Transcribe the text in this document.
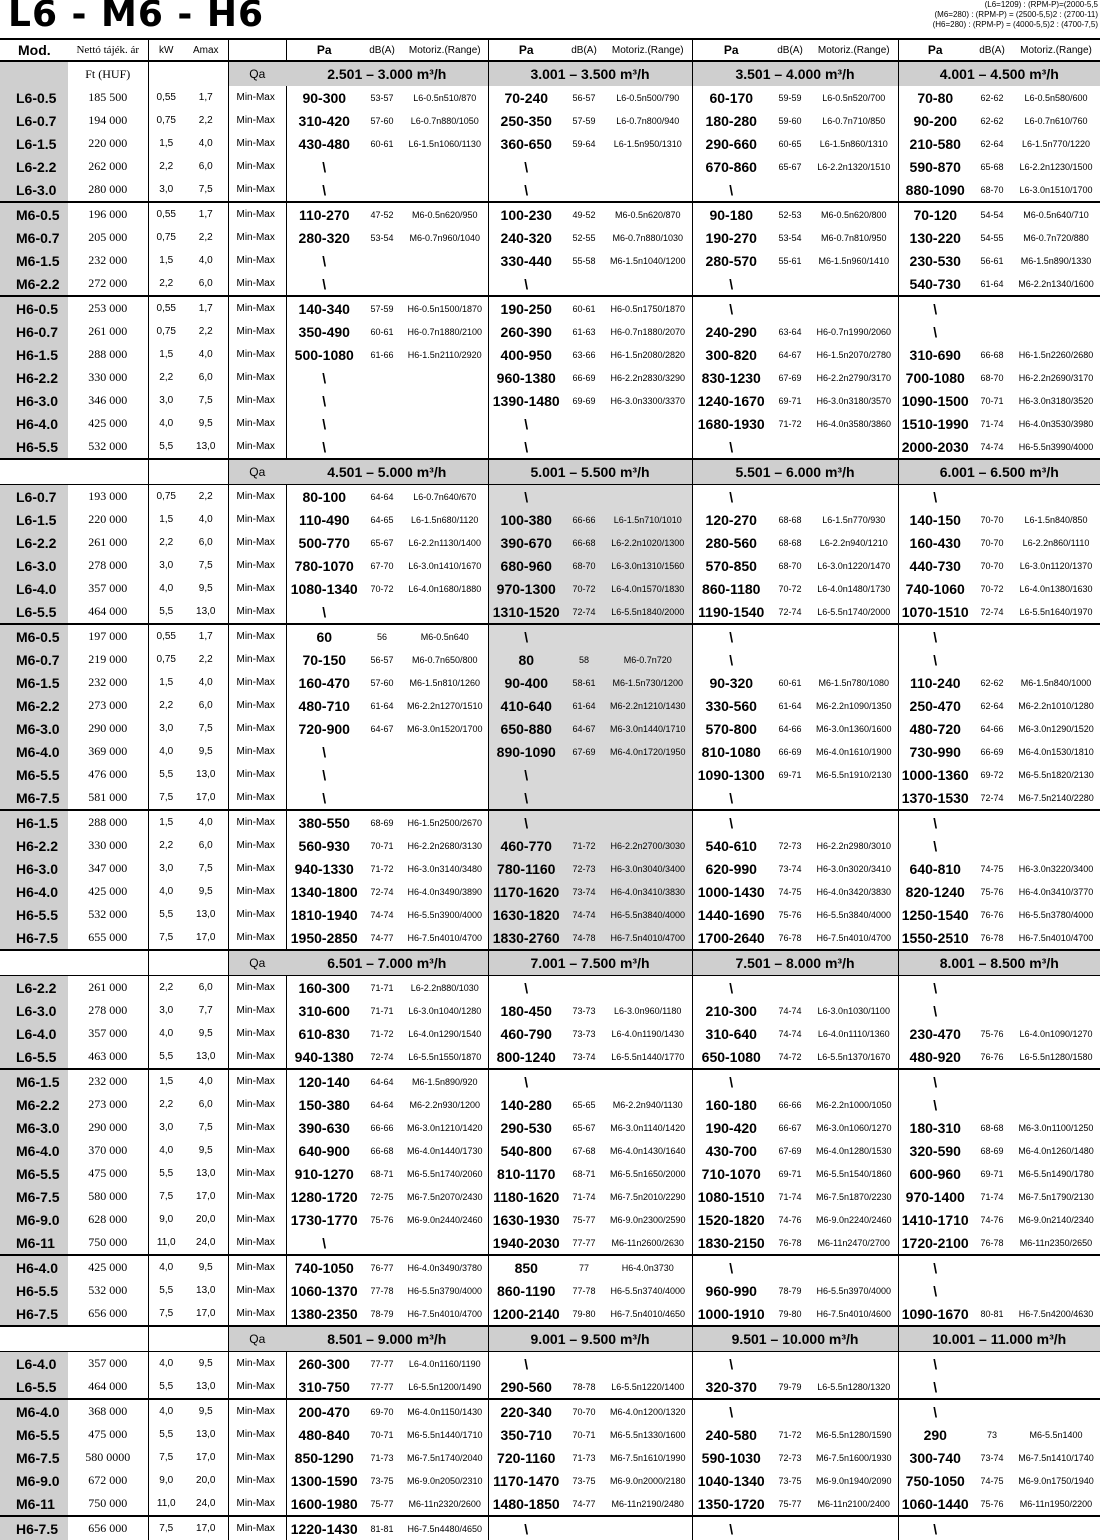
L6 - M6 - H6	(L6=1209) : (RPM-P)=(2000-5,5
(M6=280) : (RPM-P) = (2500-5,5)2 : (2700-11)
(H6=280) : (RPM-P) = (4000-5,5)2 : (4700-7,5)
Mod.	Nettó tájék. ár	kW	Amax		Pa	dB(A)	Motoriz.(Range)	Pa	dB(A)	Motoriz.(Range)	Pa	dB(A)	Motoriz.(Range)	Pa	dB(A)	Motoriz.(Range)
	Ft (HUF)			Qa	2.501 – 3.000 m³/h			3.001 – 3.500 m³/h			3.501 – 4.000 m³/h			4.001 – 4.500 m³/h		
L6-0.5	185 500	0,55	1,7	Min-Max	90-300	53-57	L6-0.5n510/870	70-240	56-57	L6-0.5n500/790	60-170	59-59	L6-0.5n520/700	70-80	62-62	L6-0.5n580/600
L6-0.7	194 000	0,75	2,2	Min-Max	310-420	57-60	L6-0.7n880/1050	250-350	57-59	L6-0.7n800/940	180-280	59-60	L6-0.7n710/850	90-200	62-62	L6-0.7n610/760
L6-1.5	220 000	1,5	4,0	Min-Max	430-480	60-61	L6-1.5n1060/1130	360-650	59-64	L6-1.5n950/1310	290-660	60-65	L6-1.5n860/1310	210-580	62-64	L6-1.5n770/1220
L6-2.2	262 000	2,2	6,0	Min-Max	\			\			670-860	65-67	L6-2.2n1320/1510	590-870	65-68	L6-2.2n1230/1500
L6-3.0	280 000	3,0	7,5	Min-Max	\			\			\			880-1090	68-70	L6-3.0n1510/1700
M6-0.5	196 000	0,55	1,7	Min-Max	110-270	47-52	M6-0.5n620/950	100-230	49-52	M6-0.5n620/870	90-180	52-53	M6-0.5n620/800	70-120	54-54	M6-0.5n640/710
M6-0.7	205 000	0,75	2,2	Min-Max	280-320	53-54	M6-0.7n960/1040	240-320	52-55	M6-0.7n880/1030	190-270	53-54	M6-0.7n810/950	130-220	54-55	M6-0.7n720/880
M6-1.5	232 000	1,5	4,0	Min-Max	\			330-440	55-58	M6-1.5n1040/1200	280-570	55-61	M6-1.5n960/1410	230-530	56-61	M6-1.5n890/1330
M6-2.2	272 000	2,2	6,0	Min-Max	\			\			\			540-730	61-64	M6-2.2n1340/1600
H6-0.5	253 000	0,55	1,7	Min-Max	140-340	57-59	H6-0.5n1500/1870	190-250	60-61	H6-0.5n1750/1870	\			\		
H6-0.7	261 000	0,75	2,2	Min-Max	350-490	60-61	H6-0.7n1880/2100	260-390	61-63	H6-0.7n1880/2070	240-290	63-64	H6-0.7n1990/2060	\		
H6-1.5	288 000	1,5	4,0	Min-Max	500-1080	61-66	H6-1.5n2110/2920	400-950	63-66	H6-1.5n2080/2820	300-820	64-67	H6-1.5n2070/2780	310-690	66-68	H6-1.5n2260/2680
H6-2.2	330 000	2,2	6,0	Min-Max	\			960-1380	66-69	H6-2.2n2830/3290	830-1230	67-69	H6-2.2n2790/3170	700-1080	68-70	H6-2.2n2690/3170
H6-3.0	346 000	3,0	7,5	Min-Max	\			1390-1480	69-69	H6-3.0n3300/3370	1240-1670	69-71	H6-3.0n3180/3570	1090-1500	70-71	H6-3.0n3180/3520
H6-4.0	425 000	4,0	9,5	Min-Max	\			\			1680-1930	71-72	H6-4.0n3580/3860	1510-1990	71-74	H6-4.0n3530/3980
H6-5.5	532 000	5,5	13,0	Min-Max	\			\			\			2000-2030	74-74	H6-5.5n3990/4000
				Qa	4.501 – 5.000 m³/h			5.001 – 5.500 m³/h			5.501 – 6.000 m³/h			6.001 – 6.500 m³/h		
L6-0.7	193 000	0,75	2,2	Min-Max	80-100	64-64	L6-0.7n640/670	\			\			\		
L6-1.5	220 000	1,5	4,0	Min-Max	110-490	64-65	L6-1.5n680/1120	100-380	66-66	L6-1.5n710/1010	120-270	68-68	L6-1.5n770/930	140-150	70-70	L6-1.5n840/850
L6-2.2	261 000	2,2	6,0	Min-Max	500-770	65-67	L6-2.2n1130/1400	390-670	66-68	L6-2.2n1020/1300	280-560	68-68	L6-2.2n940/1210	160-430	70-70	L6-2.2n860/1110
L6-3.0	278 000	3,0	7,5	Min-Max	780-1070	67-70	L6-3.0n1410/1670	680-960	68-70	L6-3.0n1310/1560	570-850	68-70	L6-3.0n1220/1470	440-730	70-70	L6-3.0n1120/1370
L6-4.0	357 000	4,0	9,5	Min-Max	1080-1340	70-72	L6-4.0n1680/1880	970-1300	70-72	L6-4.0n1570/1830	860-1180	70-72	L6-4.0n1480/1730	740-1060	70-72	L6-4.0n1380/1630
L6-5.5	464 000	5,5	13,0	Min-Max	\			1310-1520	72-74	L6-5.5n1840/2000	1190-1540	72-74	L6-5.5n1740/2000	1070-1510	72-74	L6-5.5n1640/1970
M6-0.5	197 000	0,55	1,7	Min-Max	60	56	M6-0.5n640	\			\			\		
M6-0.7	219 000	0,75	2,2	Min-Max	70-150	56-57	M6-0.7n650/800	80	58	M6-0.7n720	\			\		
M6-1.5	232 000	1,5	4,0	Min-Max	160-470	57-60	M6-1.5n810/1260	90-400	58-61	M6-1.5n730/1200	90-320	60-61	M6-1.5n780/1080	110-240	62-62	M6-1.5n840/1000
M6-2.2	273 000	2,2	6,0	Min-Max	480-710	61-64	M6-2.2n1270/1510	410-640	61-64	M6-2.2n1210/1430	330-560	61-64	M6-2.2n1090/1350	250-470	62-64	M6-2.2n1010/1280
M6-3.0	290 000	3,0	7,5	Min-Max	720-900	64-67	M6-3.0n1520/1700	650-880	64-67	M6-3.0n1440/1710	570-800	64-66	M6-3.0n1360/1600	480-720	64-66	M6-3.0n1290/1520
M6-4.0	369 000	4,0	9,5	Min-Max	\			890-1090	67-69	M6-4.0n1720/1950	810-1080	66-69	M6-4.0n1610/1900	730-990	66-69	M6-4.0n1530/1810
M6-5.5	476 000	5,5	13,0	Min-Max	\			\			1090-1300	69-71	M6-5.5n1910/2130	1000-1360	69-72	M6-5.5n1820/2130
M6-7.5	581 000	7,5	17,0	Min-Max	\			\			\			1370-1530	72-74	M6-7.5n2140/2280
H6-1.5	288 000	1,5	4,0	Min-Max	380-550	68-69	H6-1.5n2500/2670	\			\			\		
H6-2.2	330 000	2,2	6,0	Min-Max	560-930	70-71	H6-2.2n2680/3130	460-770	71-72	H6-2.2n2700/3030	540-610	72-73	H6-2.2n2980/3010	\		
H6-3.0	347 000	3,0	7,5	Min-Max	940-1330	71-72	H6-3.0n3140/3480	780-1160	72-73	H6-3.0n3040/3400	620-990	73-74	H6-3.0n3020/3410	640-810	74-75	H6-3.0n3220/3400
H6-4.0	425 000	4,0	9,5	Min-Max	1340-1800	72-74	H6-4.0n3490/3890	1170-1620	73-74	H6-4.0n3410/3830	1000-1430	74-75	H6-4.0n3420/3830	820-1240	75-76	H6-4.0n3410/3770
H6-5.5	532 000	5,5	13,0	Min-Max	1810-1940	74-74	H6-5.5n3900/4000	1630-1820	74-74	H6-5.5n3840/4000	1440-1690	75-76	H6-5.5n3840/4000	1250-1540	76-76	H6-5.5n3780/4000
H6-7.5	655 000	7,5	17,0	Min-Max	1950-2850	74-77	H6-7.5n4010/4700	1830-2760	74-78	H6-7.5n4010/4700	1700-2640	76-78	H6-7.5n4010/4700	1550-2510	76-78	H6-7.5n4010/4700
				Qa	6.501 – 7.000 m³/h			7.001 – 7.500 m³/h			7.501 – 8.000 m³/h			8.001 – 8.500 m³/h		
L6-2.2	261 000	2,2	6,0	Min-Max	160-300	71-71	L6-2.2n880/1030	\			\			\		
L6-3.0	278 000	3,0	7,7	Min-Max	310-600	71-71	L6-3.0n1040/1280	180-450	73-73	L6-3.0n960/1180	210-300	74-74	L6-3.0n1030/1100	\		
L6-4.0	357 000	4,0	9,5	Min-Max	610-830	71-72	L6-4.0n1290/1540	460-790	73-73	L6-4.0n1190/1430	310-640	74-74	L6-4.0n1110/1360	230-470	75-76	L6-4.0n1090/1270
L6-5.5	463 000	5,5	13,0	Min-Max	940-1380	72-74	L6-5.5n1550/1870	800-1240	73-74	L6-5.5n1440/1770	650-1080	74-72	L6-5.5n1370/1670	480-920	76-76	L6-5.5n1280/1580
M6-1.5	232 000	1,5	4,0	Min-Max	120-140	64-64	M6-1.5n890/920	\			\			\		
M6-2.2	273 000	2,2	6,0	Min-Max	150-380	64-64	M6-2.2n930/1200	140-280	65-65	M6-2.2n940/1130	160-180	66-66	M6-2.2n1000/1050	\		
M6-3.0	290 000	3,0	7,5	Min-Max	390-630	66-66	M6-3.0n1210/1420	290-530	65-67	M6-3.0n1140/1420	190-420	66-67	M6-3.0n1060/1270	180-310	68-68	M6-3.0n1100/1250
M6-4.0	370 000	4,0	9,5	Min-Max	640-900	66-68	M6-4.0n1440/1730	540-800	67-68	M6-4.0n1430/1640	430-700	67-69	M6-4.0n1280/1530	320-590	68-69	M6-4.0n1260/1480
M6-5.5	475 000	5,5	13,0	Min-Max	910-1270	68-71	M6-5.5n1740/2060	810-1170	68-71	M6-5.5n1650/2000	710-1070	69-71	M6-5.5n1540/1860	600-960	69-71	M6-5.5n1490/1780
M6-7.5	580 000	7,5	17,0	Min-Max	1280-1720	72-75	M6-7.5n2070/2430	1180-1620	71-74	M6-7.5n2010/2290	1080-1510	71-74	M6-7.5n1870/2230	970-1400	71-74	M6-7.5n1790/2130
M6-9.0	628 000	9,0	20,0	Min-Max	1730-1770	75-76	M6-9.0n2440/2460	1630-1930	75-77	M6-9.0n2300/2590	1520-1820	74-76	M6-9.0n2240/2460	1410-1710	74-76	M6-9.0n2140/2340
M6-11	750 000	11,0	24,0	Min-Max	\			1940-2030	77-77	M6-11n2600/2630	1830-2150	76-78	M6-11n2470/2700	1720-2100	76-78	M6-11n2350/2650
H6-4.0	425 000	4,0	9,5	Min-Max	740-1050	76-77	H6-4.0n3490/3780	850	77	H6-4.0n3730	\			\		
H6-5.5	532 000	5,5	13,0	Min-Max	1060-1370	77-78	H6-5.5n3790/4000	860-1190	77-78	H6-5.5n3740/4000	960-990	78-79	H6-5.5n3970/4000	\		
H6-7.5	656 000	7,5	17,0	Min-Max	1380-2350	78-79	H6-7.5n4010/4700	1200-2140	79-80	H6-7.5n4010/4650	1000-1910	79-80	H6-7.5n4010/4600	1090-1670	80-81	H6-7.5n4200/4630
				Qa	8.501 – 9.000 m³/h			9.001 – 9.500 m³/h			9.501 – 10.000 m³/h			10.001 – 11.000 m³/h		
L6-4.0	357 000	4,0	9,5	Min-Max	260-300	77-77	L6-4.0n1160/1190	\			\			\		
L6-5.5	464 000	5,5	13,0	Min-Max	310-750	77-77	L6-5.5n1200/1490	290-560	78-78	L6-5.5n1220/1400	320-370	79-79	L6-5.5n1280/1320	\		
M6-4.0	368 000	4,0	9,5	Min-Max	200-470	69-70	M6-4.0n1150/1430	220-340	70-70	M6-4.0n1200/1320	\			\		
M6-5.5	475 000	5,5	13,0	Min-Max	480-840	70-71	M6-5.5n1440/1710	350-710	70-71	M6-5.5n1330/1600	240-580	71-72	M6-5.5n1280/1590	290	73	M6-5.5n1400
M6-7.5	580 0000	7,5	17,0	Min-Max	850-1290	71-73	M6-7.5n1740/2040	720-1160	71-73	M6-7.5n1610/1990	590-1030	72-73	M6-7.5n1600/1930	300-740	73-74	M6-7.5n1410/1740
M6-9.0	672 000	9,0	20,0	Min-Max	1300-1590	73-75	M6-9.0n2050/2310	1170-1470	73-75	M6-9.0n2000/2180	1040-1340	73-75	M6-9.0n1940/2090	750-1050	74-75	M6-9.0n1750/1940
M6-11	750 000	11,0	24,0	Min-Max	1600-1980	75-77	M6-11n2320/2600	1480-1850	74-77	M6-11n2190/2480	1350-1720	75-77	M6-11n2100/2400	1060-1440	75-76	M6-11n1950/2200
H6-7.5	656 000	7,5	17,0	Min-Max	1220-1430	81-81	H6-7.5n4480/4650	\			\			\		
